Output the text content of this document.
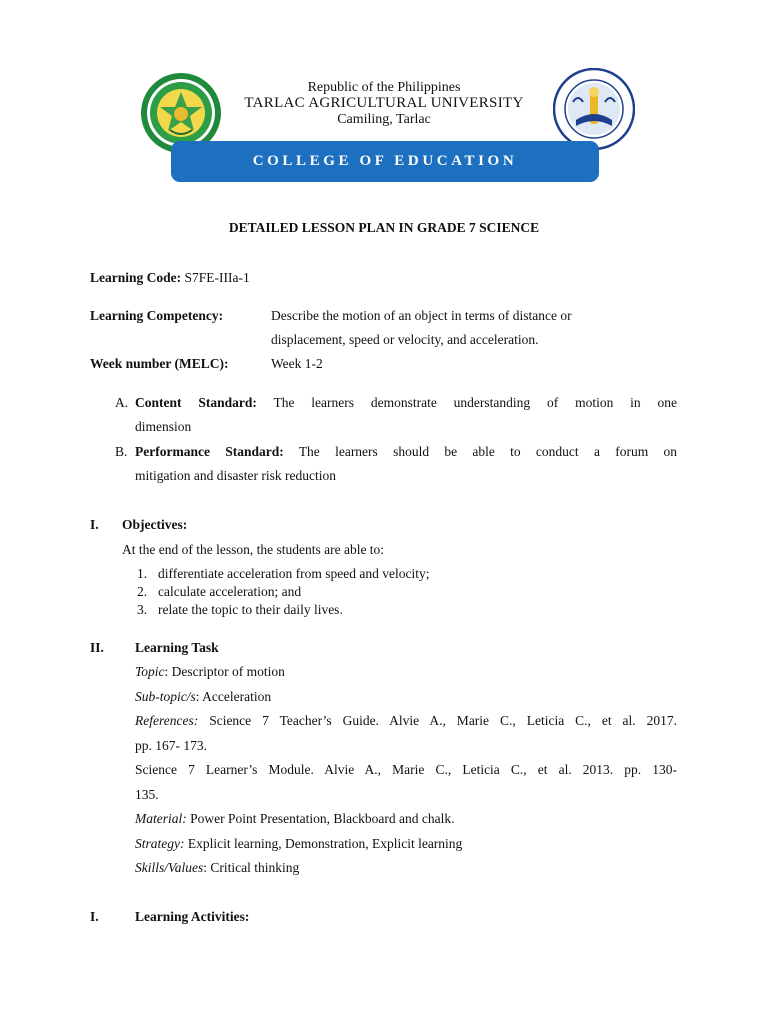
Republic of the Philippines
TARLAC AGRICULTURAL UNIVERSITY
Camiling, Tarlac
COLLEGE OF EDUCATION
DETAILED LESSON PLAN IN GRADE 7 SCIENCE
Learning Code: S7FE-IIIa-1
Learning Competency:	Describe the motion of an object in terms of distance or
displacement, speed or velocity, and acceleration.
Week number (MELC):	Week 1-2
A. Content Standard: The learners demonstrate understanding of motion in one
dimension
B. Performance Standard: The learners should be able to conduct a forum on
mitigation and disaster risk reduction
I. Objectives:
At the end of the lesson, the students are able to:
1. differentiate acceleration from speed and velocity;
2. calculate acceleration; and
3. relate the topic to their daily lives.
II. Learning Task
Topic: Descriptor of motion
Sub-topic/s: Acceleration
References: Science 7 Teacher’s Guide. Alvie A., Marie C., Leticia C., et al. 2017.
pp. 167- 173.
Science 7 Learner’s Module. Alvie A., Marie C., Leticia C., et al. 2013. pp. 130-
135.
Material: Power Point Presentation, Blackboard and chalk.
Strategy: Explicit learning, Demonstration, Explicit learning
Skills/Values: Critical thinking
I.	Learning Activities:
